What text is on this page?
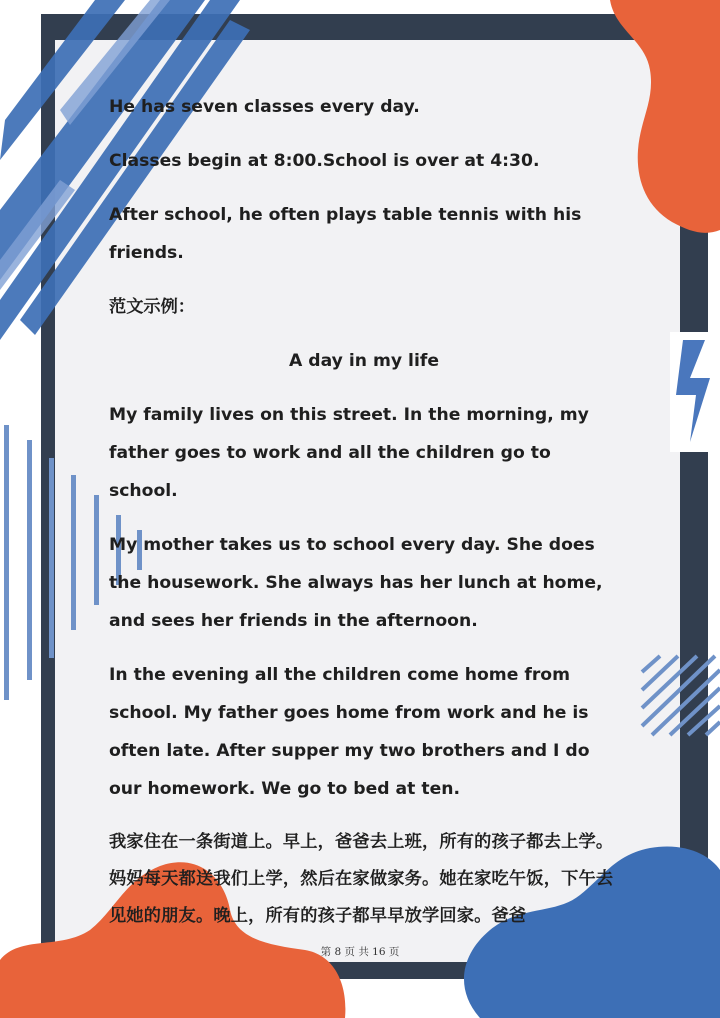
He has seven classes every day.

Classes begin at 8:00.School is over at 4:30.

After school, he often plays table tennis with his friends.

范文示例：

A day in my life

My family lives on this street. In the morning, my father goes to work and all the children go to school.

My mother takes us to school every day. She does the housework. She always has her lunch at home, and sees her friends in the afternoon.

In the evening all the children come home from school. My father goes home from work and he is often late. After supper my two brothers and I do our homework. We go to bed at ten.

我家住在一条街道上。早上，爸爸去上班，所有的孩子都去上学。妈妈每天都送我们上学，然后在家做家务。她在家吃午饭，下午去见她的朋友。晚上，所有的孩子都早早放学回家。爸爸

第 8 页 共 16 页
